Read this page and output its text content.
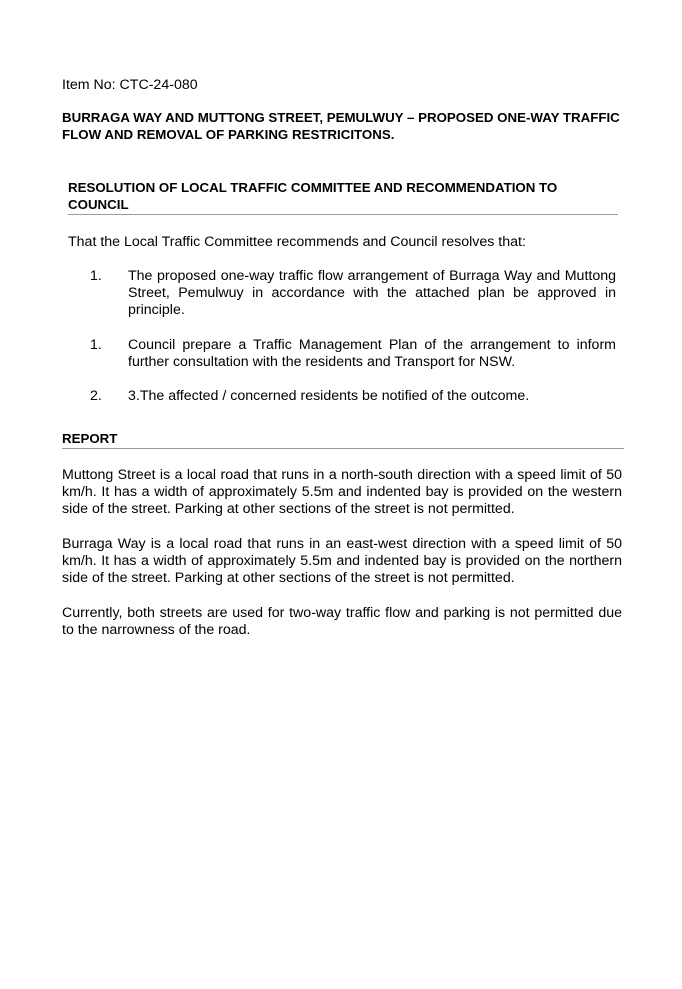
Item No: CTC-24-080
BURRAGA WAY AND MUTTONG STREET, PEMULWUY – PROPOSED ONE-WAY TRAFFIC FLOW AND REMOVAL OF PARKING RESTRICITONS.
RESOLUTION OF LOCAL TRAFFIC COMMITTEE AND RECOMMENDATION TO COUNCIL
That the Local Traffic Committee recommends and Council resolves that:
1.	The proposed one-way traffic flow arrangement of Burraga Way and Muttong Street, Pemulwuy in accordance with the attached plan be approved in principle.
1.	Council prepare a Traffic Management Plan of the arrangement to inform further consultation with the residents and Transport for NSW.
2.	3.The affected / concerned residents be notified of the outcome.
REPORT
Muttong Street is a local road that runs in a north-south direction with a speed limit of 50 km/h. It has a width of approximately 5.5m and indented bay is provided on the western side of the street. Parking at other sections of the street is not permitted.
Burraga Way is a local road that runs in an east-west direction with a speed limit of 50 km/h. It has a width of approximately 5.5m and indented bay is provided on the northern side of the street. Parking at other sections of the street is not permitted.
Currently, both streets are used for two-way traffic flow and parking is not permitted due to the narrowness of the road.
